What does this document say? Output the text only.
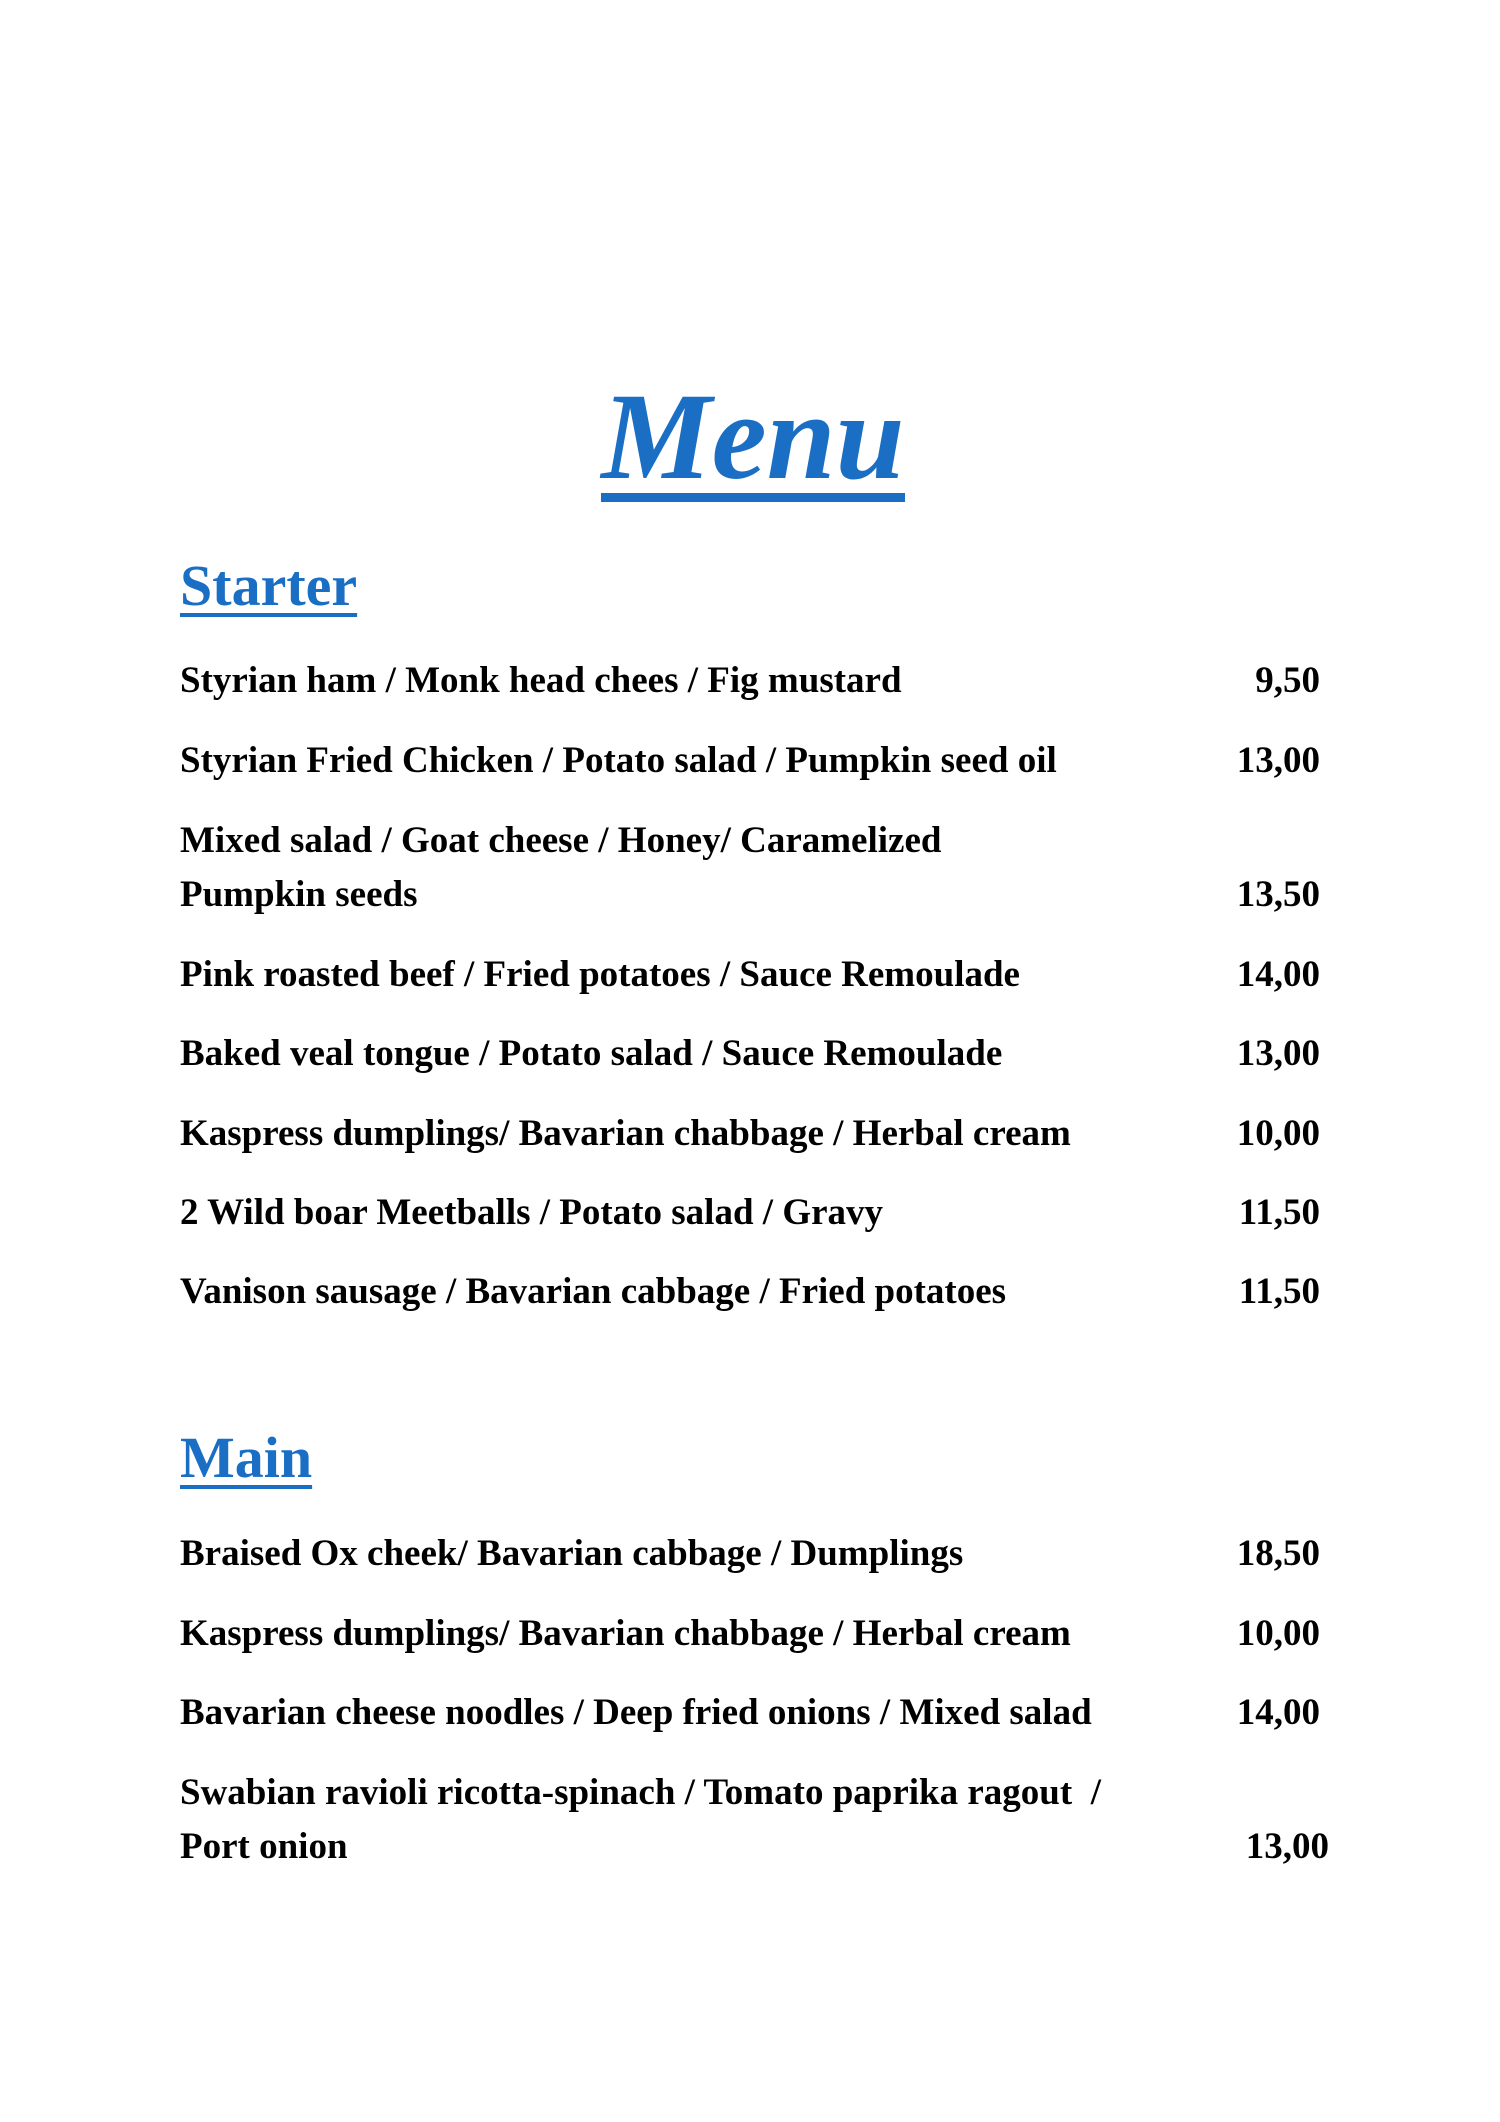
Menu
Starter
Styrian ham / Monk head chees / Fig mustard	9,50
Styrian Fried Chicken / Potato salad / Pumpkin seed oil	13,00
Mixed salad / Goat cheese / Honey/ Caramelized
Pumpkin seeds	13,50
Pink roasted beef / Fried potatoes / Sauce Remoulade	14,00
Baked veal tongue / Potato salad / Sauce Remoulade	13,00
Kaspress dumplings/ Bavarian chabbage / Herbal cream	10,00
2 Wild boar Meetballs / Potato salad / Gravy	11,50
Vanison sausage / Bavarian cabbage / Fried potatoes	11,50
Main
Braised Ox cheek/ Bavarian cabbage / Dumplings	18,50
Kaspress dumplings/ Bavarian chabbage / Herbal cream	10,00
Bavarian cheese noodles / Deep fried onions / Mixed salad	14,00
Swabian ravioli ricotta-spinach / Tomato paprika ragout  /
Port onion	13,00
